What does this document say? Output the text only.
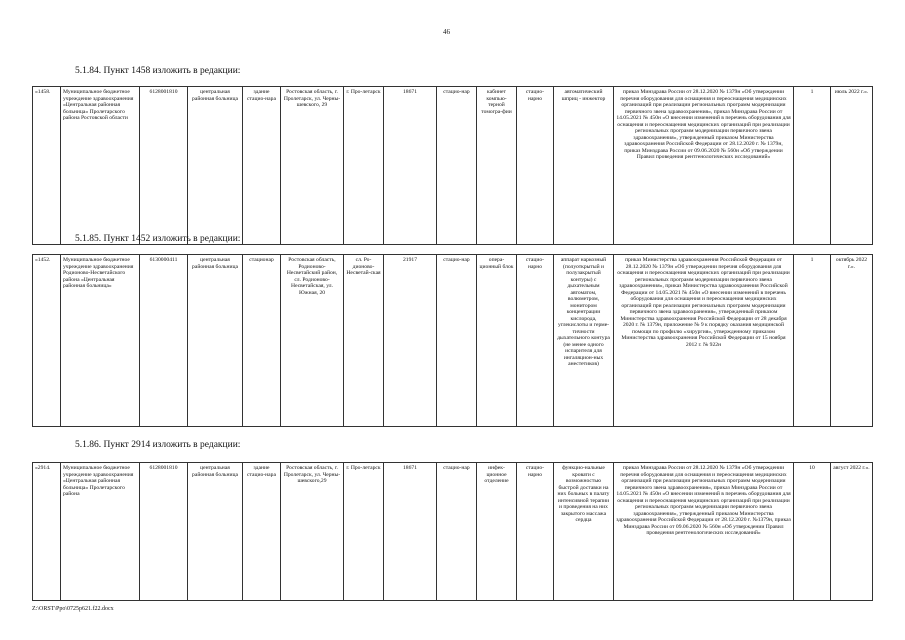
46
5.1.84. Пункт 1458 изложить в редакции:
«1458.	Муниципальное бюджетное учреждение здравоохранения «Центральная районная больница» Пролетарского района Ростовской области	6128001810	центральная районная больница	здание стацио-нара	Ростовская область, г. Пролетарск, ул. Черны-шевского, 29	г. Про-летарск	18671	стацио-нар	кабинет компью-терной томогра-фии	стацио-нарно	автоматический шприц - инжектор	приказ Минздрава России от 28.12.2020 № 1379н «Об утверждении перечня оборудования для оснащения и переоснащения медицинских организаций при реализации региональных программ модернизации первичного звена здравоохранения», приказ Минздрава России от 14.05.2021 № 450н «О внесении изменений в перечень оборудования для оснащения и переоснащения медицинских организаций при реализации региональных программ модернизации первичного звена здравоохранения», утвержденный приказом Министерства здравоохранения Российской Федерации от 28.12.2020 г. № 1379н, приказ Минздрава России от 09.06.2020 № 560н «Об утверждении Правил проведения рентгенологических исследований»	1	июль 2022 г.».
5.1.85. Пункт 1452 изложить в редакции:
«1452.	Муниципальное бюджетное учреждение здравоохранения Родионово-Несветайского района «Центральная районная больница»	6130000411	центральная районная больница	стационар	Ростовская область, Родионово-Несветайский район, сл. Родионово-Несветайская, ул. Южная, 20	сл. Ро-дионово-Несветай-ская	21917	стацио-нар	опера-ционный блок	стацио-нарно	аппарат наркозный (полуоткрытый и полузакрытый контуры) с дыхательным автоматом, волюметром, монитором концентрации кислорода, углекислоты и герме-тичности дыхательного контура (не менее одного испарителя для ингаляцион-ных анестетиков)	приказ Министерства здравоохранения Российской Федерации от 28.12.2020 № 1379н «Об утверждении перечня оборудования для оснащения и переоснащения медицинских организаций при реализации региональных программ модернизации первичного звена здравоохранения», приказ Министерства здравоохранения Российской Федерации от 14.05.2021 № 450н «О внесении изменений в перечень оборудования для оснащения и переоснащения медицинских организаций при реализации региональных программ модернизации первичного звена здравоохранения», утвержденный приказом Министерства здравоохранения Российской Федерации от 28 декабря 2020 г. № 1379н, приложение № 9 к порядку оказания медицинской помощи по профилю «хирургия», утвержденному приказом Министерства здравоохранения Российской Федерации от 15 ноября 2012 г. № 922н	1	октябрь 2022 г.».
5.1.86. Пункт 2914 изложить в редакции:
«2914.	Муниципальное бюджетное учреждение здравоохранения «Центральная районная больница» Пролетарского района	6128001810	центральная районная больница	здание стацио-нара	Ростовская область, г. Пролетарск, ул. Черны-шевского,29	г. Про-летарск	18671	стацио-нар	инфек-ционное отделение	стацио-нарно	функцио-нальные кровати с возможностью быстрой доставки на них больных в палату интенсивной терапии и проведения на них закрытого массажа сердца	приказ Минздрава России от 28.12.2020 № 1379н «Об утверждении перечня оборудования для оснащения и переоснащения медицинских организаций при реализации региональных программ модернизации первичного звена здравоохранения», приказ Минздрава России от 14.05.2021 № 450н «О внесении изменений в перечень оборудования для оснащения и переоснащения медицинских организаций при реализации региональных программ модернизации первичного звена здравоохранения», утвержденный приказом Министерства здравоохранения Российской Федерации от 28.12.2020 г. №1379н, приказ Минздрава России от 09.06.2020 № 560н «Об утверждении Правил проведения рентгенологических исследований»	10	август 2022 г.».
Z:\ORST\Ppo\0725p621.f22.docx
